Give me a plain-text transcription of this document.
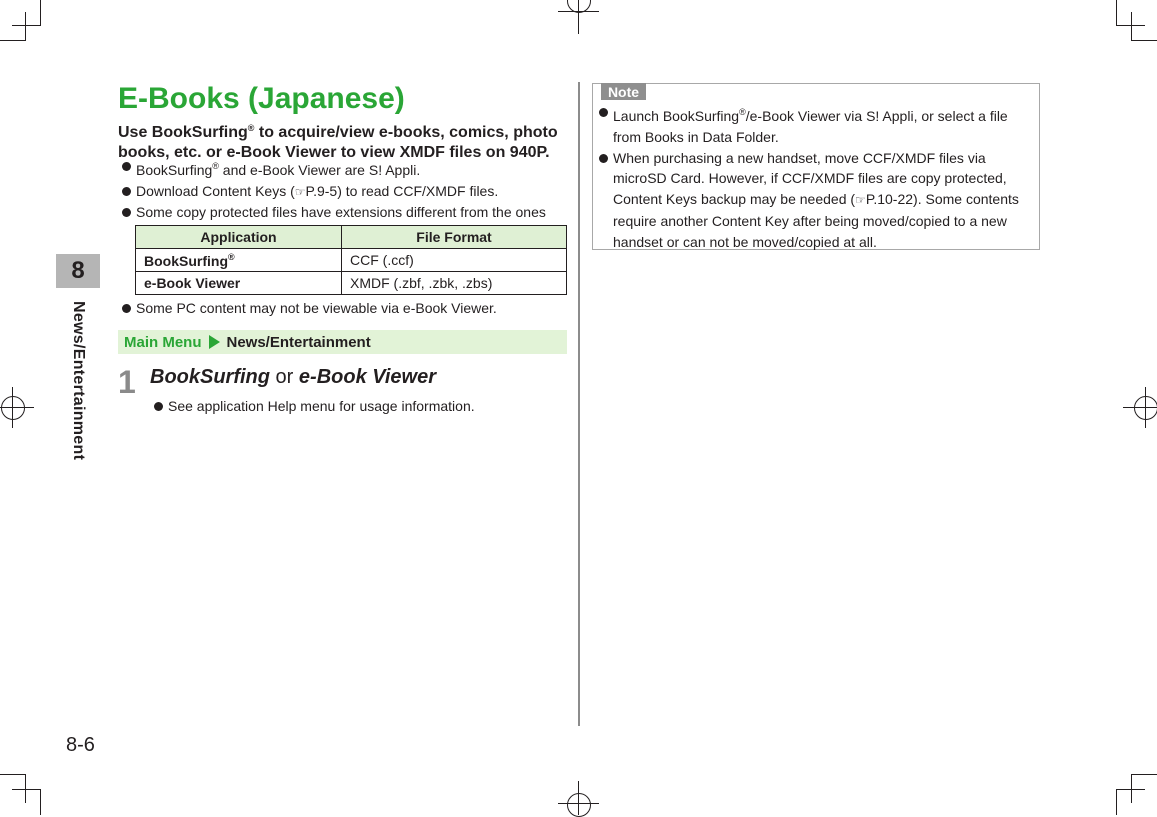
8
News/Entertainment
8-6
E-Books (Japanese)
Use BookSurfing® to acquire/view e-books, comics, photo books, etc. or e-Book Viewer to view XMDF files on 940P.
BookSurfing® and e-Book Viewer are S! Appli.
Download Content Keys (☞P.9-5) to read CCF/XMDF files.
Some copy protected files have extensions different from the ones
Application	File Format
BookSurfing®	CCF (.ccf)
e-Book Viewer	XMDF (.zbf, .zbk, .zbs)
Some PC content may not be viewable via e-Book Viewer.
Main Menu News/Entertainment
1 BookSurfing or e-Book Viewer
See application Help menu for usage information.
Note
Launch BookSurfing®/e-Book Viewer via S! Appli, or select a file from Books in Data Folder.
When purchasing a new handset, move CCF/XMDF files via microSD Card. However, if CCF/XMDF files are copy protected, Content Keys backup may be needed (☞P.10-22). Some contents require another Content Key after being moved/copied to a new handset or can not be moved/copied at all.
